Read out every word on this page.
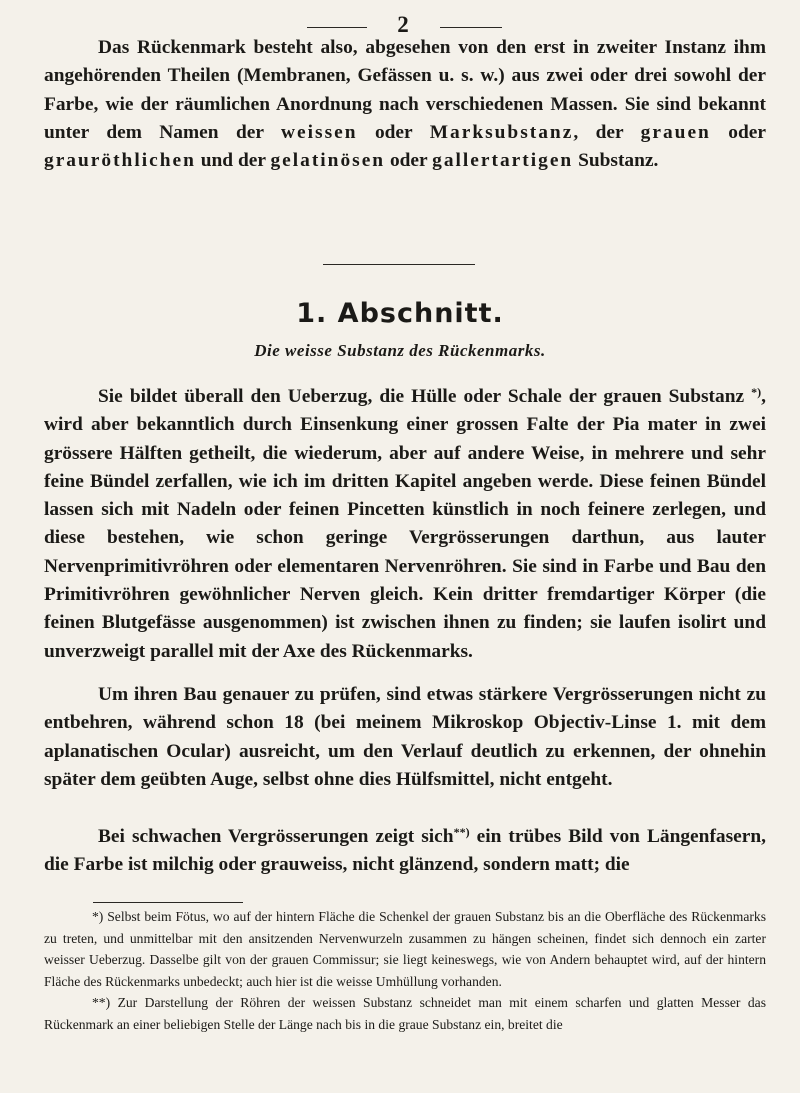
2

Das Rückenmark besteht also, abgesehen von den erst in zweiter Instanz ihm angehörenden Theilen (Membranen, Gefässen u. s. w.) aus zwei oder drei sowohl der Farbe, wie der räumlichen Anordnung nach verschiedenen Massen. Sie sind bekannt unter dem Namen der weissen oder Marksubstanz, der grauen oder grauröthlichen und der gelatinösen oder gallertartigen Substanz.

1. Abschnitt.
Die weisse Substanz des Rückenmarks.

Sie bildet überall den Ueberzug, die Hülle oder Schale der grauen Substanz *), wird aber bekanntlich durch Einsenkung einer grossen Falte der Pia mater in zwei grössere Hälften getheilt, die wiederum, aber auf andere Weise, in mehrere und sehr feine Bündel zerfallen, wie ich im dritten Kapitel angeben werde. Diese feinen Bündel lassen sich mit Nadeln oder feinen Pincetten künstlich in noch feinere zerlegen, und diese bestehen, wie schon geringe Vergrösserungen darthun, aus lauter Nervenprimitivröhren oder elementaren Nervenröhren. Sie sind in Farbe und Bau den Primitivröhren gewöhnlicher Nerven gleich. Kein dritter fremdartiger Körper (die feinen Blutgefässe ausgenommen) ist zwischen ihnen zu finden; sie laufen isolirt und unverzweigt parallel mit der Axe des Rückenmarks.

Um ihren Bau genauer zu prüfen, sind etwas stärkere Vergrösserungen nicht zu entbehren, während schon 18 (bei meinem Mikroskop Objectiv-Linse 1. mit dem aplanatischen Ocular) ausreicht, um den Verlauf deutlich zu erkennen, der ohnehin später dem geübten Auge, selbst ohne dies Hülfsmittel, nicht entgeht.

Bei schwachen Vergrösserungen zeigt sich**) ein trübes Bild von Längenfasern, die Farbe ist milchig oder grauweiss, nicht glänzend, sondern matt; die

*) Selbst beim Fötus, wo auf der hintern Fläche die Schenkel der grauen Substanz bis an die Oberfläche des Rückenmarks zu treten, und unmittelbar mit den ansitzenden Nervenwurzeln zusammen zu hängen scheinen, findet sich dennoch ein zarter weisser Ueberzug. Dasselbe gilt von der grauen Commissur; sie liegt keineswegs, wie von Andern behauptet wird, auf der hintern Fläche des Rückenmarks unbedeckt; auch hier ist die weisse Umhüllung vorhanden.

**) Zur Darstellung der Röhren der weissen Substanz schneidet man mit einem scharfen und glatten Messer das Rückenmark an einer beliebigen Stelle der Länge nach bis in die graue Substanz ein, breitet die
